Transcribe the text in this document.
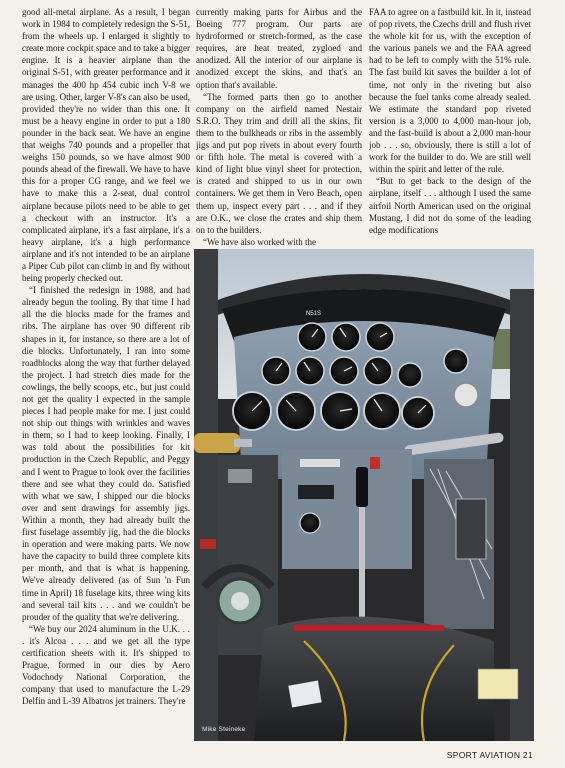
good all-metal airplane. As a result, I began work in 1984 to completely redesign the S-51, from the wheels up. I enlarged it slightly to create more cockpit space and to take a bigger engine. It is a heavier airplane than the original S-51, with greater performance and it manages the 400 hp 454 cubic inch V-8 we are using. Other, larger V-8's can also be used, provided they're no wider than this one. It must be a heavy engine in order to put a 180 pounder in the back seat. We have an engine that weighs 740 pounds and a propeller that weighs 150 pounds, so we have almost 900 pounds ahead of the firewall. We have to have this for a proper CG range, and we feel we have to make this a 2-seat, dual control airplane because pilots need to be able to get a checkout with an instructor. It's a complicated airplane, it's a fast airplane, it's a heavy airplane, it's a high performance airplane and it's not intended to be an airplane a Piper Cub pilot can climb in and fly without being properly checked out.

“I finished the redesign in 1988, and had already begun the tooling. By that time I had all the die blocks made for the frames and ribs. The airplane has over 90 different rib shapes in it, for instance, so there are a lot of die blocks. Unfortunately, I ran into some roadblocks along the way that further delayed the project. I had stretch dies made for the cowlings, the belly scoops, etc., but just could not get the quality I expected in the sample pieces I had people make for me. I just could not ship out things with wrinkles and waves in them, so I had to keep looking. Finally, I was told about the possibilities for kit production in the Czech Republic, and Peggy and I went to Prague to look over the facilities there and see what they could do. Satisfied with what we saw, I shipped our die blocks over and sent drawings for assembly jigs. Within a month, they had already built the first fuselage assembly jig, had the die blocks in operation and were making parts. We now have the capacity to build three complete kits per month, and that is what is happening. We've already delivered (as of Sun 'n Fun time in April) 18 fuselage kits, three wing kits and several tail kits . . . and we couldn't be prouder of the quality that we're delivering.

“We buy our 2024 aluminum in the U.K. . . . it's Alcoa . . . and we get all the type certification sheets with it. It's shipped to Prague, formed in our dies by Aero Vodochody National Corporation, the company that used to manufacture the L-29 Delfin and L-39 Albatros jet trainers. They're

currently making parts for Airbus and the Boeing 777 program. Our parts are hydroformed or stretch-formed, as the case requires, are heat treated, zygloed and anodized. All the interior of our airplane is anodized except the skins, and that's an option that's available.

“The formed parts then go to another company on the airfield named Nestair S.R.O. They trim and drill all the skins, fit them to the bulkheads or ribs in the assembly jigs and put pop rivets in about every fourth or fifth hole. The metal is covered with a kind of light blue vinyl sheet for protection, is crated and shipped to us in our own containers. We get them in Vero Beach, open them up, inspect every part . . . and if they are O.K., we close the crates and ship them on to the builders.

“We have also worked with the

FAA to agree on a fastbuild kit. In it, instead of pop rivets, the Czechs drill and flush rivet the whole kit for us, with the exception of the various panels we and the FAA agreed had to be left to comply with the 51% rule. The fast build kit saves the builder a lot of time, not only in the riveting but also because the fuel tanks come already sealed. We estimate the standard pop riveted version is a 3,000 to 4,000 man-hour job, and the fast-build is about a 2,000 man-hour job . . . so, obviously, there is still a lot of work for the builder to do. We are still well within the spirit and letter of the rule.

“But to get back to the design of the airplane, itself . . . although I used the same airfoil North American used on the original Mustang, I did not do some of the leading edge modifications

N51S
Mike Steineke
SPORT AVIATION 21
